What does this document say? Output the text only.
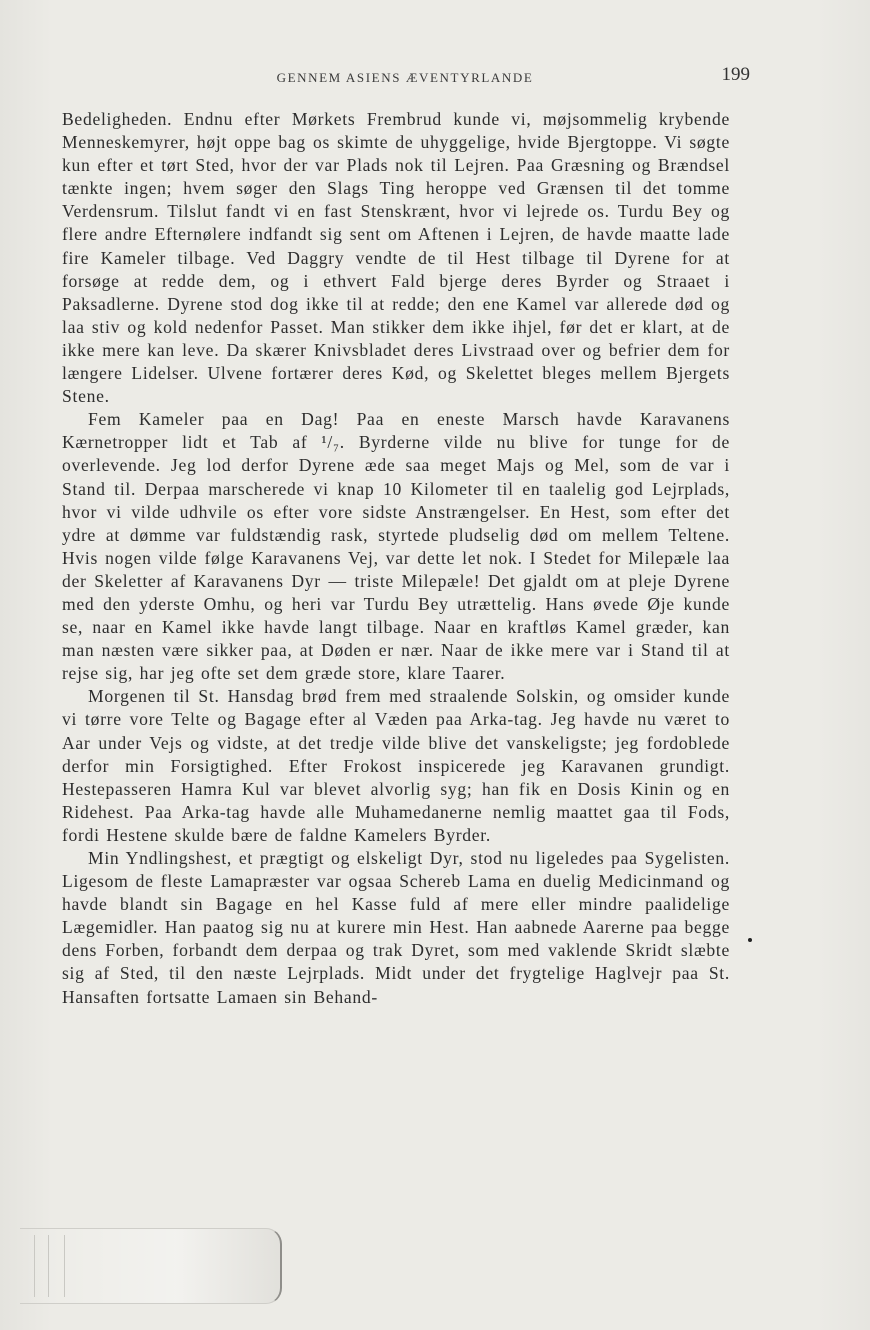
GENNEM ASIENS ÆVENTYRLANDE	199

Bedeligheden. Endnu efter Mørkets Frembrud kunde vi, møjsommelig krybende Menneskemyrer, højt oppe bag os skimte de uhyggelige, hvide Bjergtoppe. Vi søgte kun efter et tørt Sted, hvor der var Plads nok til Lejren. Paa Græsning og Brændsel tænkte ingen; hvem søger den Slags Ting heroppe ved Grænsen til det tomme Verdensrum. Tilslut fandt vi en fast Stenskrænt, hvor vi lejrede os. Turdu Bey og flere andre Efternølere indfandt sig sent om Aftenen i Lejren, de havde maatte lade fire Kameler tilbage. Ved Daggry vendte de til Hest tilbage til Dyrene for at forsøge at redde dem, og i ethvert Fald bjerge deres Byrder og Straaet i Paksadlerne. Dyrene stod dog ikke til at redde; den ene Kamel var allerede død og laa stiv og kold nedenfor Passet. Man stikker dem ikke ihjel, før det er klart, at de ikke mere kan leve. Da skærer Knivsbladet deres Livstraad over og befrier dem for længere Lidelser. Ulvene fortærer deres Kød, og Skelettet bleges mellem Bjergets Stene.

Fem Kameler paa en Dag! Paa en eneste Marsch havde Karavanens Kærnetropper lidt et Tab af ¹/₇. Byrderne vilde nu blive for tunge for de overlevende. Jeg lod derfor Dyrene æde saa meget Majs og Mel, som de var i Stand til. Derpaa marscherede vi knap 10 Kilometer til en taalelig god Lejrplads, hvor vi vilde udhvile os efter vore sidste Anstrængelser. En Hest, som efter det ydre at dømme var fuldstændig rask, styrtede pludselig død om mellem Teltene. Hvis nogen vilde følge Karavanens Vej, var dette let nok. I Stedet for Milepæle laa der Skeletter af Karavanens Dyr — triste Milepæle! Det gjaldt om at pleje Dyrene med den yderste Omhu, og heri var Turdu Bey utrættelig. Hans øvede Øje kunde se, naar en Kamel ikke havde langt tilbage. Naar en kraftløs Kamel græder, kan man næsten være sikker paa, at Døden er nær. Naar de ikke mere var i Stand til at rejse sig, har jeg ofte set dem græde store, klare Taarer.

Morgenen til St. Hansdag brød frem med straalende Solskin, og omsider kunde vi tørre vore Telte og Bagage efter al Væden paa Arka-tag. Jeg havde nu været to Aar under Vejs og vidste, at det tredje vilde blive det vanskeligste; jeg fordoblede derfor min Forsigtighed. Efter Frokost inspicerede jeg Karavanen grundigt. Hestepasseren Hamra Kul var blevet alvorlig syg; han fik en Dosis Kinin og en Ridehest. Paa Arka-tag havde alle Muhamedanerne nemlig maattet gaa til Fods, fordi Hestene skulde bære de faldne Kamelers Byrder.

Min Yndlingshest, et prægtigt og elskeligt Dyr, stod nu ligeledes paa Sygelisten. Ligesom de fleste Lamapræster var ogsaa Schereb Lama en duelig Medicinmand og havde blandt sin Bagage en hel Kasse fuld af mere eller mindre paalidelige Lægemidler. Han paatog sig nu at kurere min Hest. Han aabnede Aarerne paa begge dens Forben, forbandt dem derpaa og trak Dyret, som med vaklende Skridt slæbte sig af Sted, til den næste Lejrplads. Midt under det frygtelige Haglvejr paa St. Hansaften fortsatte Lamaen sin Behand-
